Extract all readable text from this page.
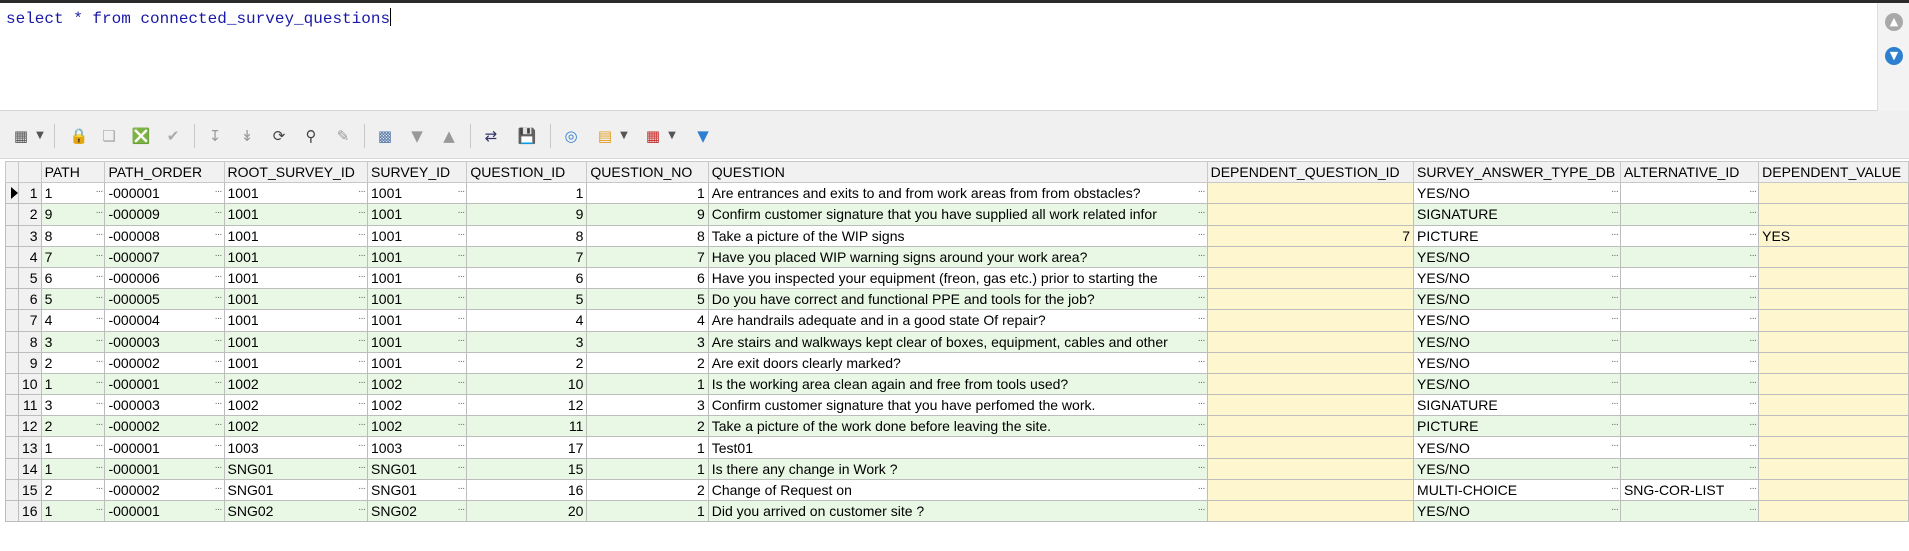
select * from connected_survey_questions	▲
▼
▦ ▼ 🔒 ❏ ❎	✔	↧	↡	⟳	⚲	✎	▩	▼	▲	⇄	💾 ◎ ▤ ▼ ▦ ▼	▼
		PATH	PATH_ORDER	ROOT_SURVEY_ID	SURVEY_ID	QUESTION_ID	QUESTION_NO	QUESTION	DEPENDENT_QUESTION_ID	SURVEY_ANSWER_TYPE_DB	ALTERNATIVE_ID	DEPENDENT_VALUE

	1	1 ···	-000001 ···	1001 ···	1001 ···	1	1	Are entrances and exits to and from work areas from from obstacles? ···		YES/NO ···	···	

	2	9 ···	-000009 ···	1001 ···	1001 ···	9	9	Confirm customer signature that you have supplied all work related infor ···		SIGNATURE ···	···	

	3	8 ···	-000008 ···	1001 ···	1001 ···	8	8	Take a picture of the WIP signs ···	7	PICTURE ···	···	YES
	4	7 ···	-000007 ···	1001 ···	1001 ···	7	7	Have you placed WIP warning signs around your work area? ···		YES/NO ···	···	

	5	6 ···	-000006 ···	1001 ···	1001 ···	6	6	Have you inspected your equipment (freon, gas etc.) prior to starting the ···		YES/NO ···	···	

	6	5 ···	-000005 ···	1001 ···	1001 ···	5	5	Do you have correct and functional PPE and tools for the job? ···		YES/NO ···	···	

	7	4 ···	-000004 ···	1001 ···	1001 ···	4	4	Are handrails adequate and in a good state Of repair? ···		YES/NO ···	···	

	8	3 ···	-000003 ···	1001 ···	1001 ···	3	3	Are stairs and walkways kept clear of boxes, equipment, cables and other ···		YES/NO ···	···	

	9	2 ···	-000002 ···	1001 ···	1001 ···	2	2	Are exit doors clearly marked? ···		YES/NO ···	···	

	10	1 ···	-000001 ···	1002 ···	1002 ···	10	1	Is the working area clean again and free from tools used? ···		YES/NO ···	···	

	11	3 ···	-000003 ···	1002 ···	1002 ···	12	3	Confirm customer signature that you have perfomed the work. ···		SIGNATURE ···	···	

	12	2 ···	-000002 ···	1002 ···	1002 ···	11	2	Take a picture of the work done before leaving the site. ···		PICTURE ···	···	

	13	1 ···	-000001 ···	1003 ···	1003 ···	17	1	Test01 ···		YES/NO ···	···	

	14	1 ···	-000001 ···	SNG01 ···	SNG01 ···	15	1	Is there any change in Work ? ···		YES/NO ···	···	

	15	2 ···	-000002 ···	SNG01 ···	SNG01 ···	16	2	Change of Request on ···		MULTI-CHOICE ···	SNG-COR-LIST ···	

	16	1 ···	-000001 ···	SNG02 ···	SNG02 ···	20	1	Did you arrived on customer site ? ···		YES/NO ···	···	
